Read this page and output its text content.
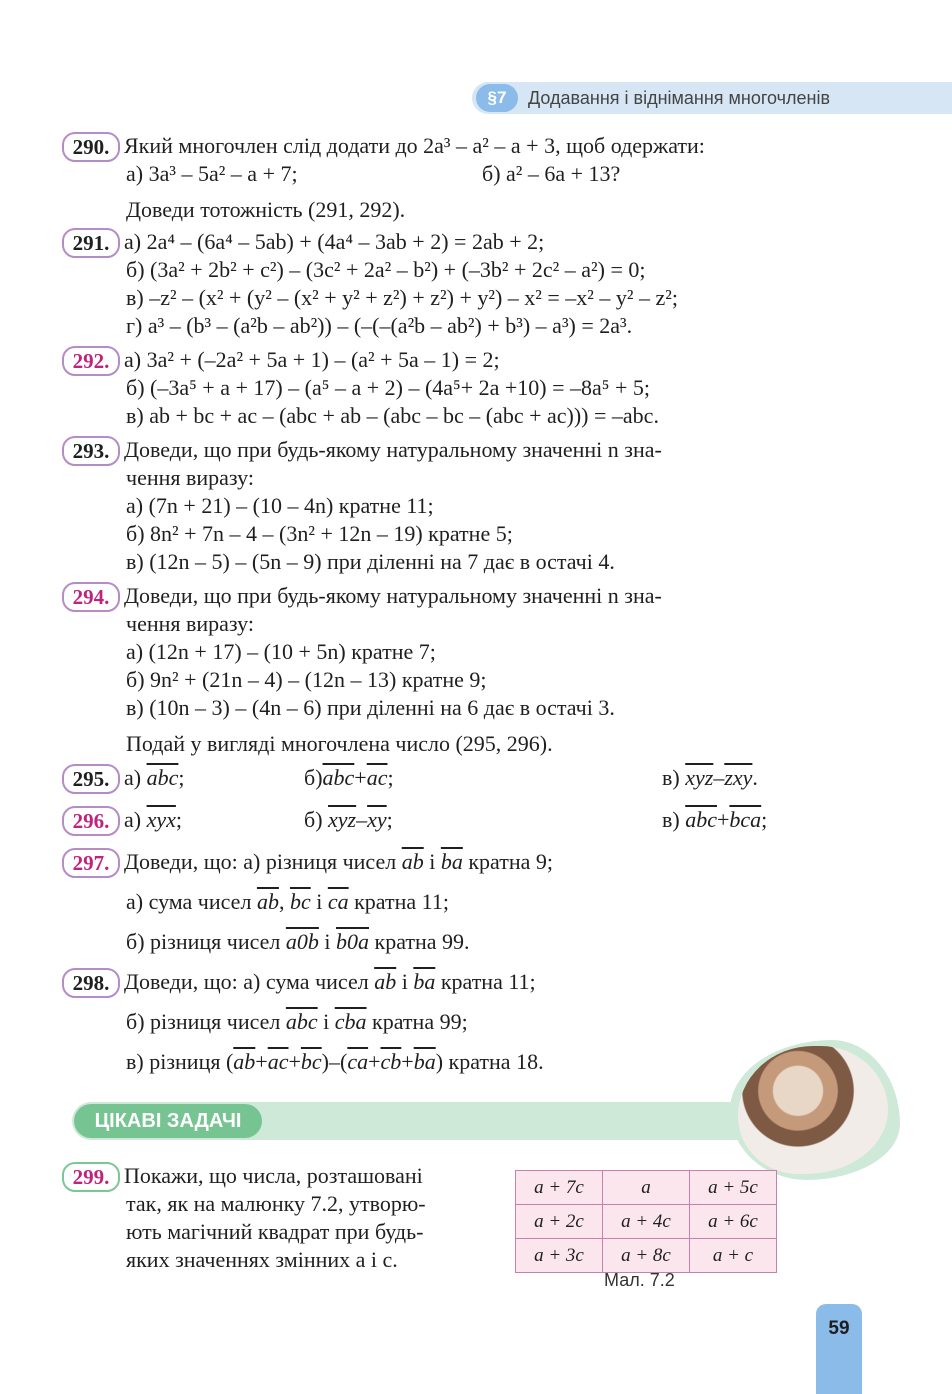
§7	Додавання і віднімання многочленів
290. Який многочлен слід додати до 2a³ – a² – a + 3, щоб одержати:
а) 3a³ – 5a² – a + 7;	б) a² – 6a + 13?
Доведи тотожність (291, 292).
291. а) 2a⁴ – (6a⁴ – 5ab) + (4a⁴ – 3ab + 2) = 2ab + 2;
б) (3a² + 2b² + c²) – (3c² + 2a² – b²) + (–3b² + 2c² – a²) = 0;
в) –z² – (x² + (y² – (x² + y² + z²) + z²) + y²) – x² = –x² – y² – z²;
г) a³ – (b³ – (a²b – ab²)) – (–(–(a²b – ab²) + b³) – a³) = 2a³.
292. а) 3a² + (–2a² + 5a + 1) – (a² + 5a – 1) = 2;
б) (–3a⁵ + a + 17) – (a⁵ – a + 2) – (4a⁵+ 2a +10) = –8a⁵ + 5;
в) ab + bc + ac – (abc + ab – (abc – bc – (abc + ac))) = –abc.
293. Доведи, що при будь-якому натуральному значенні n зна-
чення виразу:
а) (7n + 21) – (10 – 4n) кратне 11;
б) 8n² + 7n – 4 – (3n² + 12n – 19) кратне 5;
в) (12n – 5) – (5n – 9) при діленні на 7 дає в остачі 4.
294. Доведи, що при будь-якому натуральному значенні n зна-
чення виразу:
а) (12n + 17) – (10 + 5n) кратне 7;
б) 9n² + (21n – 4) – (12n – 13) кратне 9;
в) (10n – 3) – (4n – 6) при діленні на 6 дає в остачі 3.
Подай у вигляді многочлена число (295, 296).
295. а) $\overline{abc}$;	$б)\overline{abc}+\overline{ac}$;	в) $\overline{xyz}-\overline{zxy}$.
296. а) $\overline{xyx}$;	б) $\overline{xyz}-\overline{xy}$;	в) $\overline{abc}+\overline{bca}$;
297. Доведи, що: а) різниця чисел $\overline{ab}$ і $\overline{ba}$ кратна 9;
а) сума чисел $\overline{ab}$, $\overline{bc}$ і $\overline{ca}$ кратна 11;
б) різниця чисел a0b і b0a кратна 99.
298. Доведи, що: а) сума чисел $\overline{ab}$ і $\overline{ba}$ кратна 11;
б) різниця чисел $\overline{abc}$ і $\overline{cba}$ кратна 99;
в) різниця $(\overline{ab}+\overline{ac}+\overline{bc})-(\overline{ca}+\overline{cb}+\overline{ba})$ кратна 18.
ЦІКАВІ ЗАДАЧІ
299. Покажи, що числа, розташовані
так, як на малюнку 7.2, утворю-
ють магічний квадрат при будь-
яких значеннях змінних a і c.
a + 7c	a	a + 5c
a + 2c	a + 4c	a + 6c
a + 3c	a + 8c	a + c
Мал. 7.2
59
